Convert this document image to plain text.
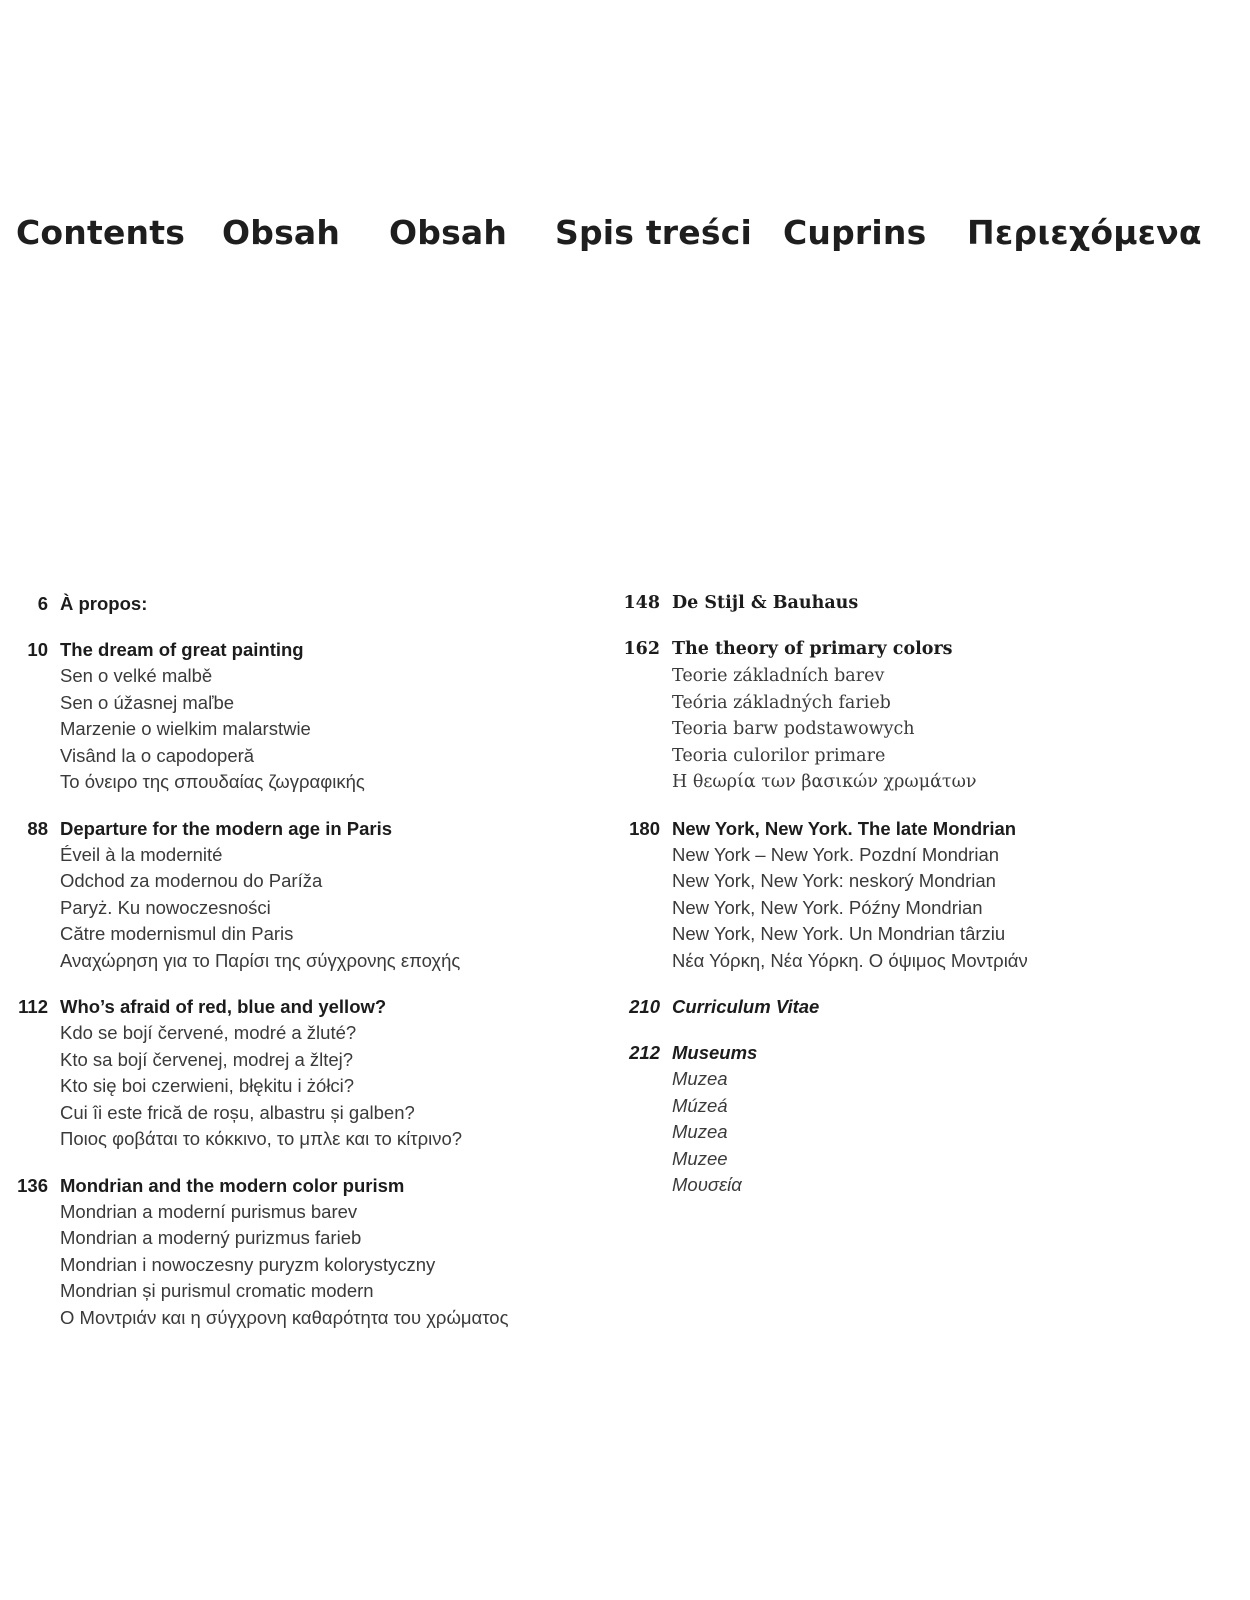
Contents Obsah Obsah Spis treści Cuprins Περιεχόμενα
6 À propos:
10 The dream of great painting
Sen o velké malbě
Sen o úžasnej maľbe
Marzenie o wielkim malarstwie
Visând la o capodoperă
Το όνειρο της σπουδαίας ζωγραφικής
88 Departure for the modern age in Paris
Éveil à la modernité
Odchod za modernou do Paríža
Paryż. Ku nowoczesności
Către modernismul din Paris
Αναχώρηση για το Παρίσι της σύγχρονης εποχής
112 Who’s afraid of red, blue and yellow?
Kdo se bojí červené, modré a žluté?
Kto sa bojí červenej, modrej a žltej?
Kto się boi czerwieni, błękitu i żółci?
Cui îi este frică de roșu, albastru și galben?
Ποιος φοβάται το κόκκινο, το μπλε και το κίτρινο?
136 Mondrian and the modern color purism
Mondrian a moderní purismus barev
Mondrian a moderný purizmus farieb
Mondrian i nowoczesny puryzm kolorystyczny
Mondrian și purismul cromatic modern
Ο Μοντριάν και η σύγχρονη καθαρότητα του χρώματος
148 De Stijl & Bauhaus
162 The theory of primary colors
Teorie základních barev
Teória základných farieb
Teoria barw podstawowych
Teoria culorilor primare
Η θεωρία των βασικών χρωμάτων
180 New York, New York. The late Mondrian
New York – New York. Pozdní Mondrian
New York, New York: neskorý Mondrian
New York, New York. Późny Mondrian
New York, New York. Un Mondrian târziu
Νέα Υόρκη, Νέα Υόρκη. Ο όψιμος Μοντριάν
210 Curriculum Vitae
212 Museums
Muzea
Múzeá
Muzea
Muzee
Μουσεία
